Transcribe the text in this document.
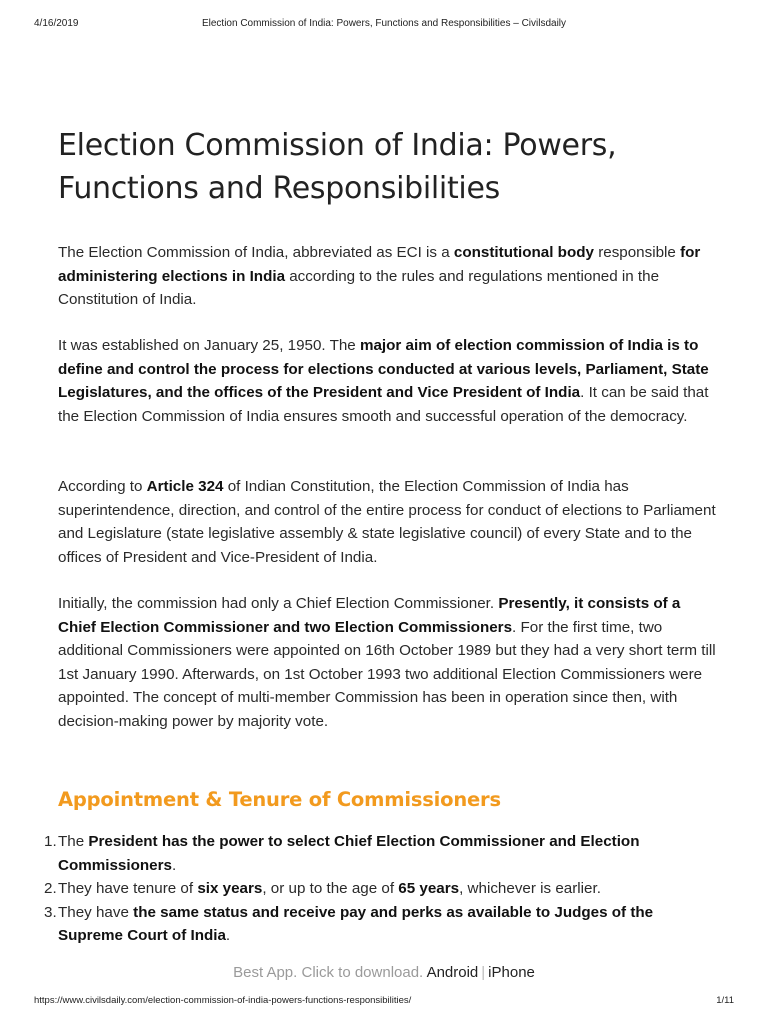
4/16/2019	Election Commission of India: Powers, Functions and Responsibilities – Civilsdaily
Election Commission of India: Powers,
Functions and Responsibilities

The Election Commission of India, abbreviated as ECI is a constitutional body responsible for administering elections in India according to the rules and regulations mentioned in the Constitution of India.

It was established on January 25, 1950. The major aim of election commission of India is to define and control the process for elections conducted at various levels, Parliament, State Legislatures, and the offices of the President and Vice President of India. It can be said that the Election Commission of India ensures smooth and successful operation of the democracy.

According to Article 324 of Indian Constitution, the Election Commission of India has superintendence, direction, and control of the entire process for conduct of elections to Parliament and Legislature (state legislative assembly & state legislative council) of every State and to the offices of President and Vice-President of India.

Initially, the commission had only a Chief Election Commissioner. Presently, it consists of a Chief Election Commissioner and two Election Commissioners. For the first time, two additional Commissioners were appointed on 16th October 1989 but they had a very short term till 1st January 1990. Afterwards, on 1st October 1993 two additional Election Commissioners were appointed. The concept of multi-member Commission has been in operation since then, with decision-making power by majority vote.

Appointment & Tenure of Commissioners
1. The President has the power to select Chief Election Commissioner and Election Commissioners.
2. They have tenure of six years, or up to the age of 65 years, whichever is earlier.
3. They have the same status and receive pay and perks as available to Judges of the Supreme Court of India.
Best App. Click to download. Android | iPhone
https://www.civilsdaily.com/election-commission-of-india-powers-functions-responsibilities/	1/11
